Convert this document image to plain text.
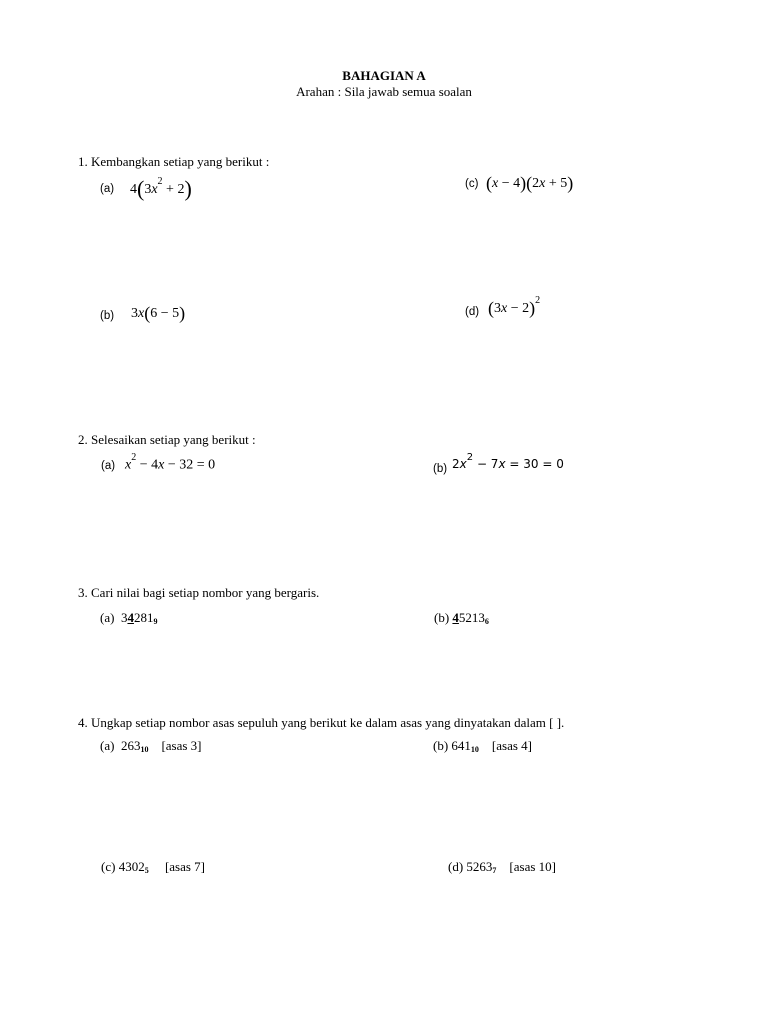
BAHAGIAN A
Arahan : Sila jawab semua soalan
1. Kembangkan setiap yang berikut :
(a) $4(3x^2 + 2)$	(c) (x − 4)(2x + 5)
(b) 3x(6 − 5)	(d) $(3x - 2)^2$
2. Selesaikan setiap yang berikut :
(a) $x^2 - 4x - 32 = 0$	(b) $2x^2 - 7x = 30 = 0$
3. Cari nilai bagi setiap nombor yang bergaris.
(a) $34281_9$	(b) $45213_6$
4. Ungkap setiap nombor asas sepuluh yang berikut ke dalam asas yang dinyatakan dalam [ ].
(a) $263_{10}$ [asas 3]	(b) $641_{10}$ [asas 4]
(c) $4302_5$ [asas 7]	(d) $5263_7$ [asas 10]
